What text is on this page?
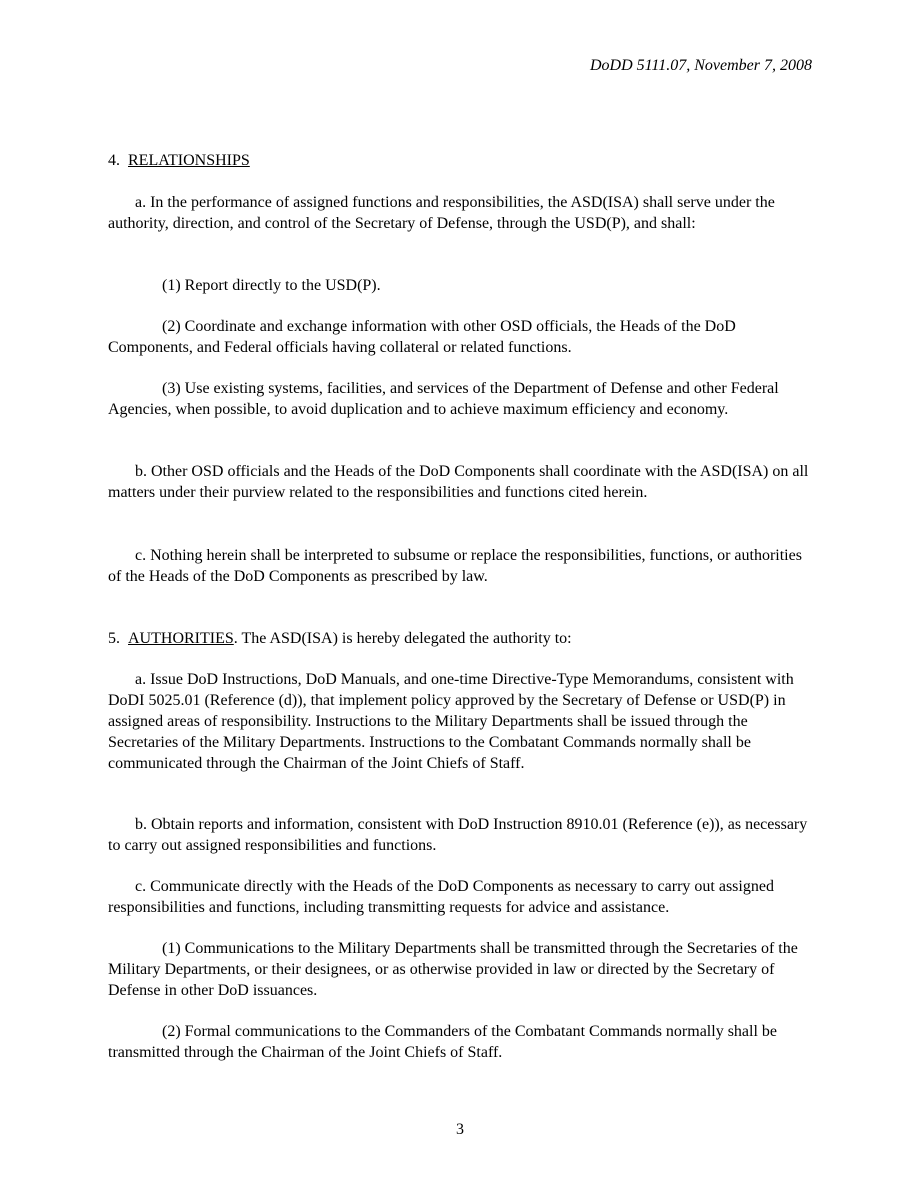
DoDD 5111.07, November 7, 2008

4. RELATIONSHIPS

a. In the performance of assigned functions and responsibilities, the ASD(ISA) shall serve under the authority, direction, and control of the Secretary of Defense, through the USD(P), and shall:

(1) Report directly to the USD(P).

(2) Coordinate and exchange information with other OSD officials, the Heads of the DoD Components, and Federal officials having collateral or related functions.

(3) Use existing systems, facilities, and services of the Department of Defense and other Federal Agencies, when possible, to avoid duplication and to achieve maximum efficiency and economy.

b. Other OSD officials and the Heads of the DoD Components shall coordinate with the ASD(ISA) on all matters under their purview related to the responsibilities and functions cited herein.

c. Nothing herein shall be interpreted to subsume or replace the responsibilities, functions, or authorities of the Heads of the DoD Components as prescribed by law.

5. AUTHORITIES. The ASD(ISA) is hereby delegated the authority to:

a. Issue DoD Instructions, DoD Manuals, and one-time Directive-Type Memorandums, consistent with DoDI 5025.01 (Reference (d)), that implement policy approved by the Secretary of Defense or USD(P) in assigned areas of responsibility. Instructions to the Military Departments shall be issued through the Secretaries of the Military Departments. Instructions to the Combatant Commands normally shall be communicated through the Chairman of the Joint Chiefs of Staff.

b. Obtain reports and information, consistent with DoD Instruction 8910.01 (Reference (e)), as necessary to carry out assigned responsibilities and functions.

c. Communicate directly with the Heads of the DoD Components as necessary to carry out assigned responsibilities and functions, including transmitting requests for advice and assistance.

(1) Communications to the Military Departments shall be transmitted through the Secretaries of the Military Departments, or their designees, or as otherwise provided in law or directed by the Secretary of Defense in other DoD issuances.

(2) Formal communications to the Commanders of the Combatant Commands normally shall be transmitted through the Chairman of the Joint Chiefs of Staff.

3
